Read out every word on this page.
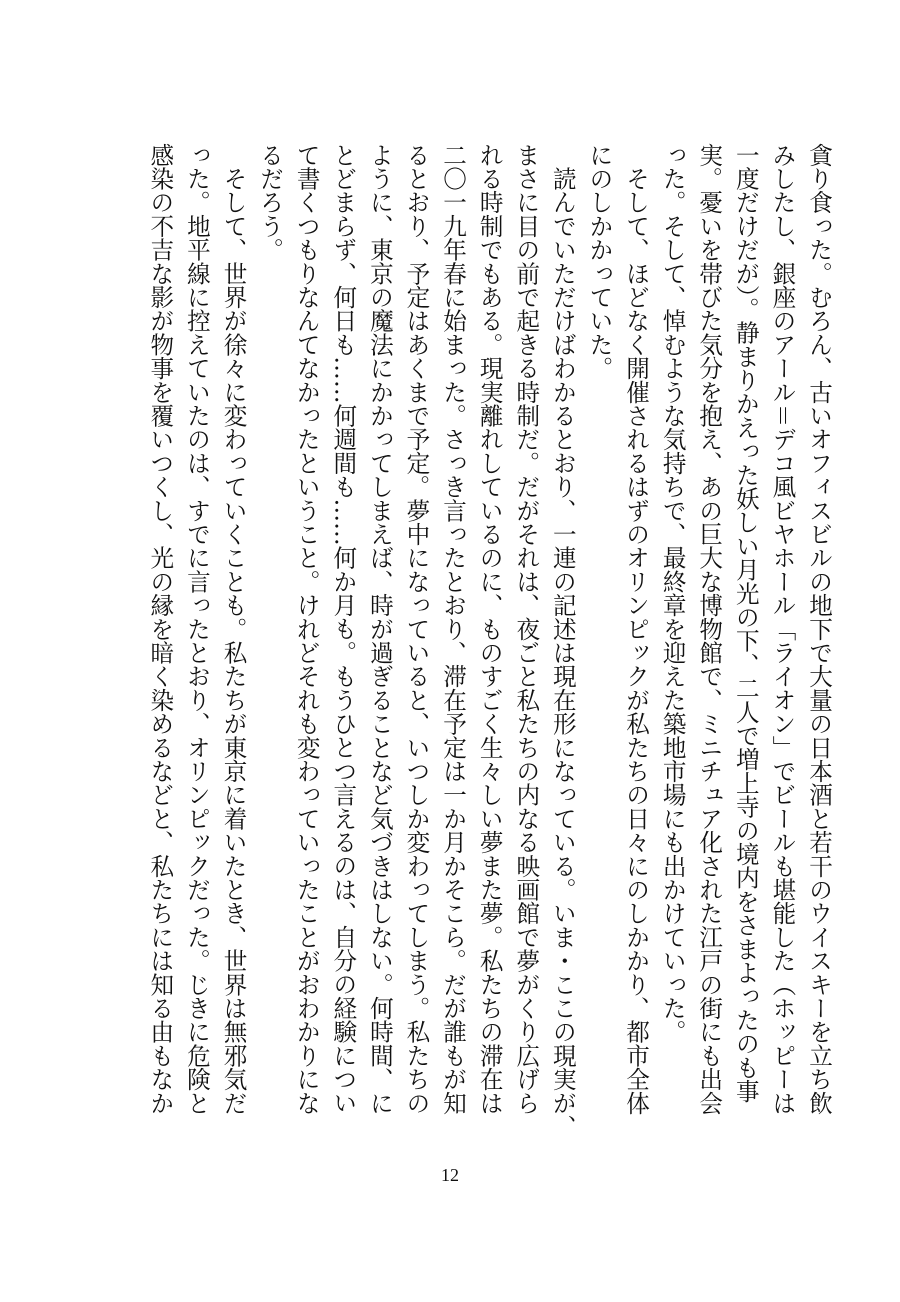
貪り食った。むろん、古いオフィスビルの地下で大量の日本酒と若干のウイスキーを立ち飲
みしたし、銀座のアール＝デコ風ビヤホール「ライオン」でビールも堪能した（ホッピーは
一度だけだが）。静まりかえった妖しい月光の下、二人で増上寺の境内をさまよったのも事
実。憂いを帯びた気分を抱え、あの巨大な博物館で、ミニチュア化された江戸の街にも出会
った。そして、悼むような気持ちで、最終章を迎えた築地市場にも出かけていった。
　そして、ほどなく開催されるはずのオリンピックが私たちの日々にのしかかり、都市全体
にのしかかっていた。
　読んでいただけばわかるとおり、一連の記述は現在形になっている。いま・ここの現実が、
まさに目の前で起きる時制だ。だがそれは、夜ごと私たちの内なる映画館で夢がくり広げら
れる時制でもある。現実離れしているのに、ものすごく生々しい夢また夢。私たちの滞在は
二〇一九年春に始まった。さっき言ったとおり、滞在予定は一か月かそこら。だが誰もが知
るとおり、予定はあくまで予定。夢中になっていると、いつしか変わってしまう。私たちの
ように、東京の魔法にかかってしまえば、時が過ぎることなど気づきはしない。何時間、に
とどまらず、何日も……何週間も……何か月も。もうひとつ言えるのは、自分の経験につい
て書くつもりなんてなかったということ。けれどそれも変わっていったことがおわかりにな
るだろう。
　そして、世界が徐々に変わっていくことも。私たちが東京に着いたとき、世界は無邪気だ
った。地平線に控えていたのは、すでに言ったとおり、オリンピックだった。じきに危険と
感染の不吉な影が物事を覆いつくし、光の縁を暗く染めるなどと、私たちには知る由もなか
12
